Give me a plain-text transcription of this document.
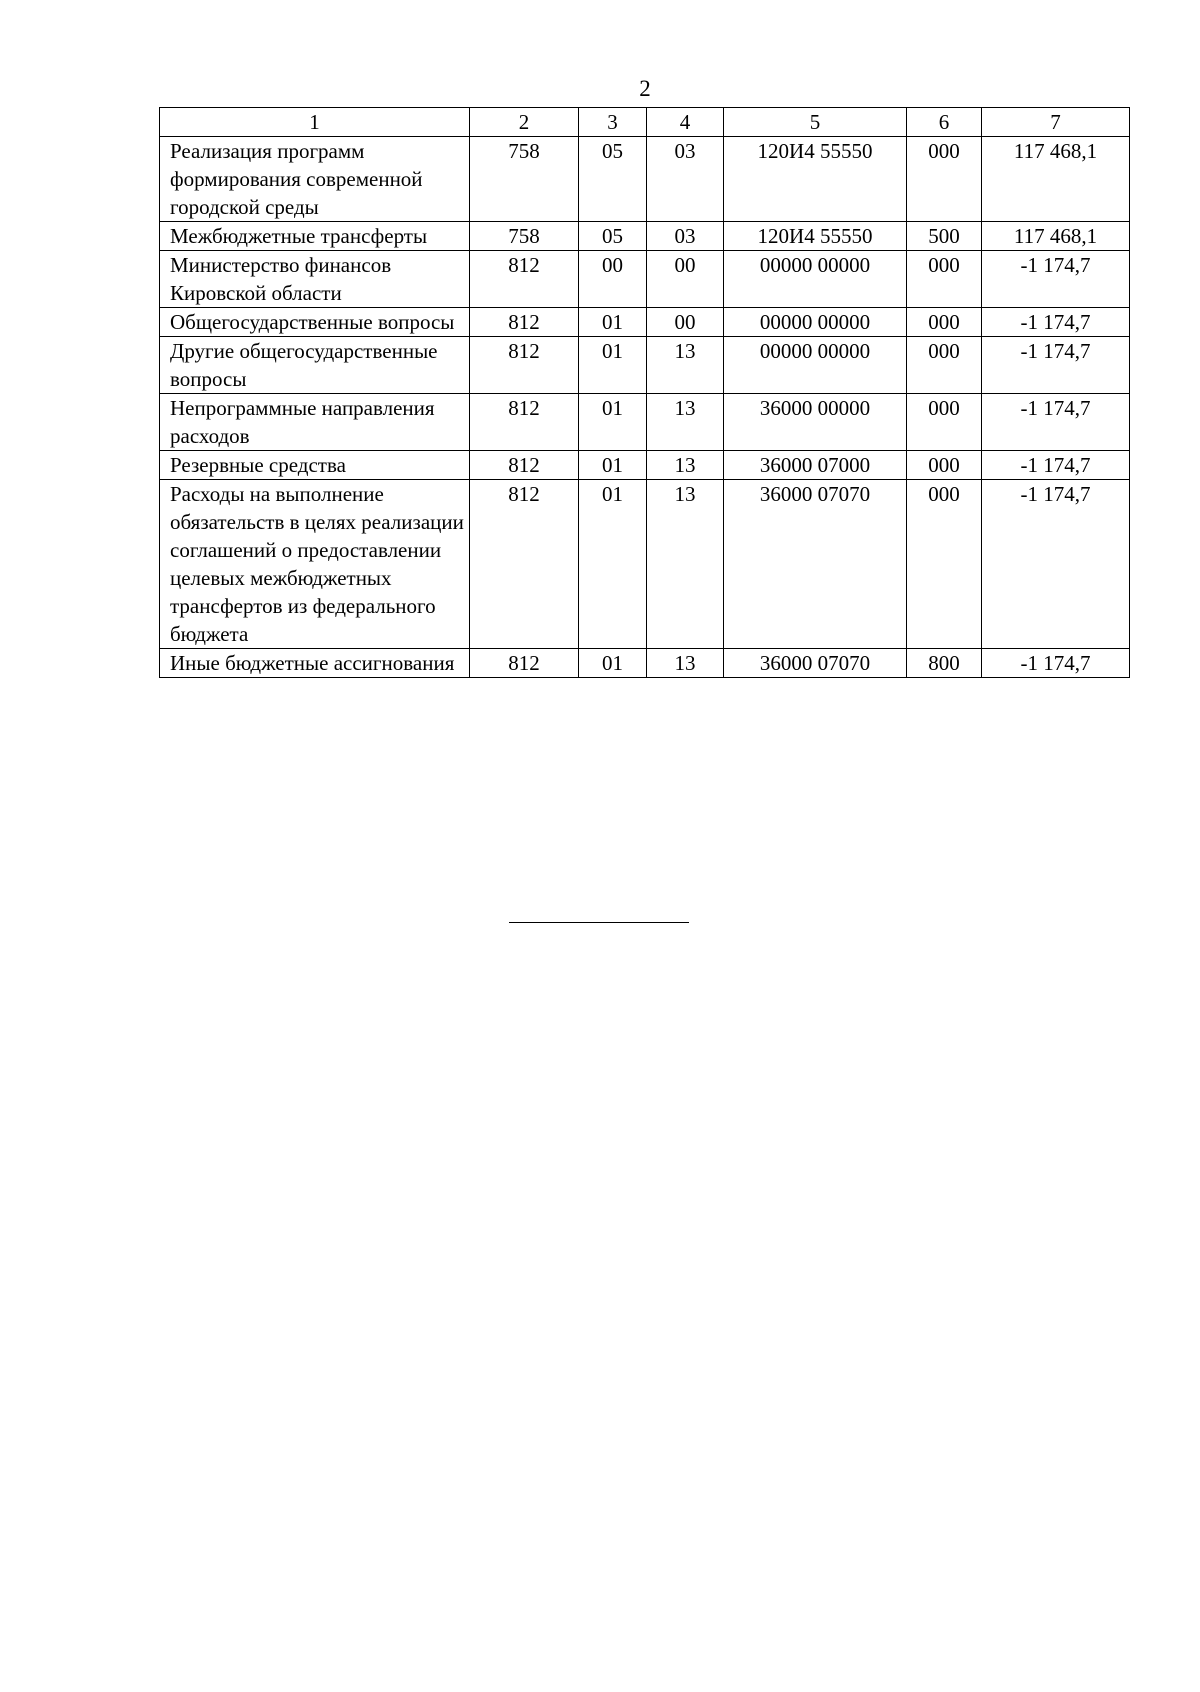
2
1	2	3	4	5	6	7
Реализация программ формирования современной городской среды	758	05	03	120И4 55550	000	117 468,1
Межбюджетные трансферты	758	05	03	120И4 55550	500	117 468,1
Министерство финансов Кировской области	812	00	00	00000 00000	000	-1 174,7
Общегосударственные вопросы	812	01	00	00000 00000	000	-1 174,7
Другие общегосударственные вопросы	812	01	13	00000 00000	000	-1 174,7
Непрограммные направления расходов	812	01	13	36000 00000	000	-1 174,7
Резервные средства	812	01	13	36000 07000	000	-1 174,7
Расходы на выполнение обязательств в целях реализации соглашений о предоставлении целевых межбюджетных трансфертов из федерального бюджета	812	01	13	36000 07070	000	-1 174,7
Иные бюджетные ассигнования	812	01	13	36000 07070	800	-1 174,7
